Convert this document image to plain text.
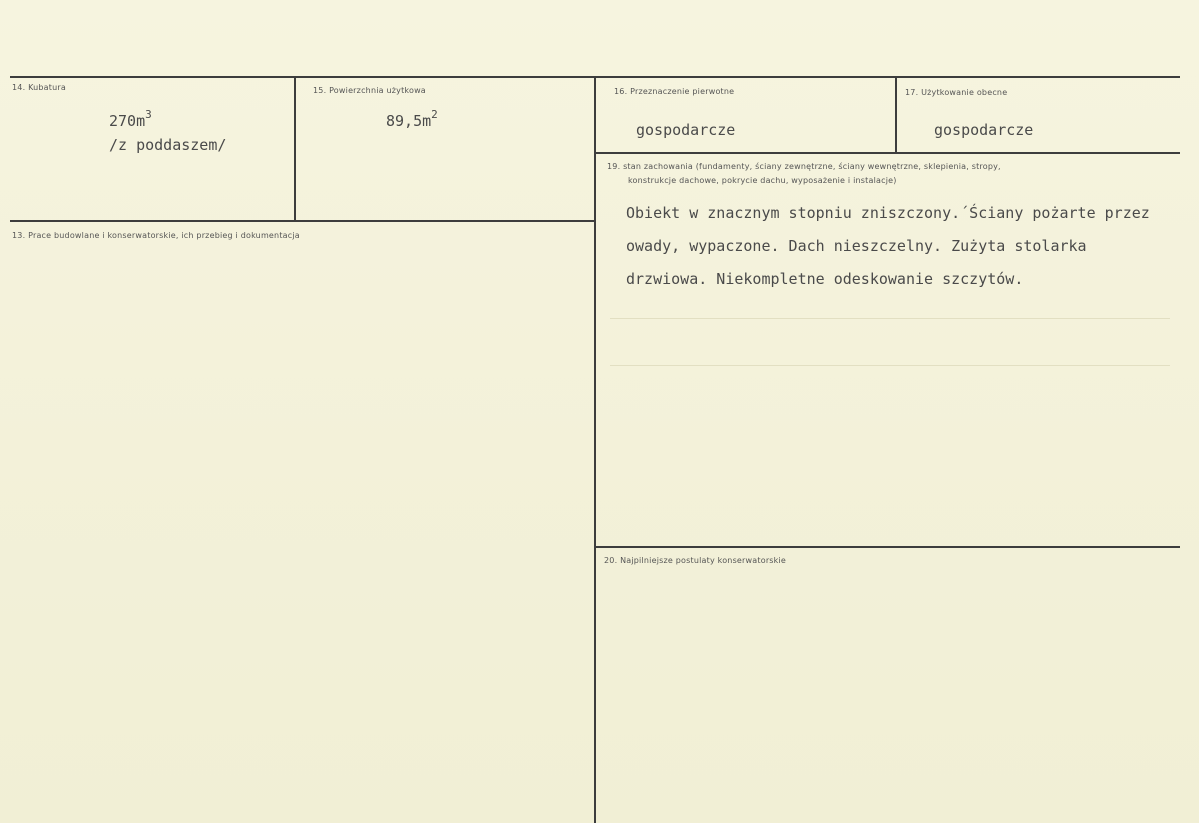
14. Kubatura
$270m^3$
/z poddaszem/
15. Powierzchnia użytkowa
$89,5m^2$
16. Przeznaczenie pierwotne
gospodarcze
17. Użytkowanie obecne
gospodarcze
13. Prace budowlane i konserwatorskie, ich przebieg i dokumentacja
19. stan zachowania (fundamenty, ściany zewnętrzne, ściany wewnętrzne, sklepienia, stropy,
konstrukcje dachowe, pokrycie dachu, wyposażenie i instalacje)
Obiekt w znacznym stopniu zniszczony.´Ściany pożarte przez
owady, wypaczone. Dach nieszczelny. Zużyta stolarka
drzwiowa. Niekompletne odeskowanie szczytów.
20. Najpilniejsze postulaty konserwatorskie
